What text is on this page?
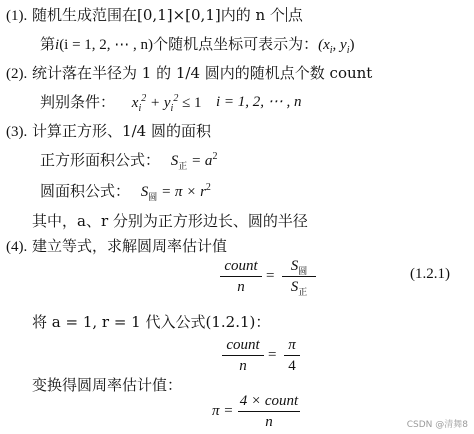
(1). 随机生成范围在[0,1]×[0,1]内的 n 个 点
第i(i = 1, 2, ⋯ , n)个随机点坐标可表示为：($x_i$, $y_i$)
(2). 统计落在半径为 1 的 1/4 圆内的随机点个数 count
判别条件： $x_i^2 + y_i^2 \le 1$ i = 1, 2, ⋯ , n
(3). 计算正方形、1/4 圆的面积
正方形面积公式： $S_正 = a^2$
圆面积公式： $S_圆 = \pi \times r^2$
其中，a、r 分别为正方形边长、圆的半径
(4). 建立等式，求解圆周率估计值
count
n
=
$S_圆$
$S_正$
(1.2.1)
将 a = 1, r = 1 代入公式(1.2.1)：
count
n
=
π
4
变换得圆周率估计值：
π =
4 × count
n	CSDN @清舞8
